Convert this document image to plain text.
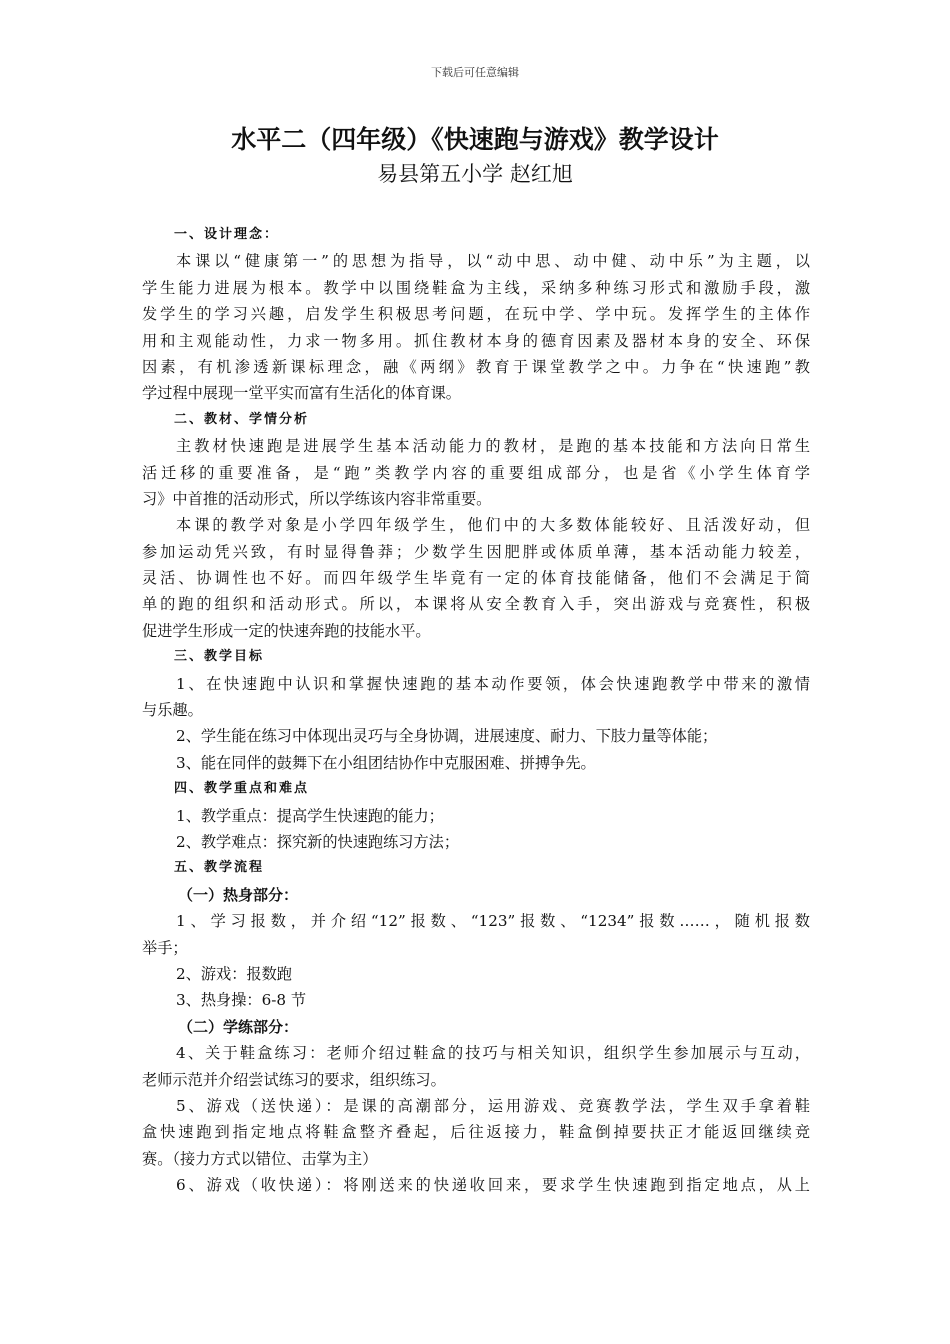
下载后可任意编辑
水平二（四年级）《快速跑与游戏》教学设计
易县第五小学 赵红旭
一、设计理念：
本课以“健康第一”的思想为指导，以“动中思、动中健、动中乐”为主题，以
学生能力进展为根本。教学中以围绕鞋盒为主线，采纳多种练习形式和激励手段，激
发学生的学习兴趣，启发学生积极思考问题，在玩中学、学中玩。发挥学生的主体作
用和主观能动性，力求一物多用。抓住教材本身的德育因素及器材本身的安全、环保
因素，有机渗透新课标理念，融《两纲》教育于课堂教学之中。力争在“快速跑”教
学过程中展现一堂平实而富有生活化的体育课。
二、教材、学情分析
主教材快速跑是进展学生基本活动能力的教材，是跑的基本技能和方法向日常生
活迁移的重要准备，是“跑”类教学内容的重要组成部分，也是省《小学生体育学
习》中首推的活动形式，所以学练该内容非常重要。
本课的教学对象是小学四年级学生，他们中的大多数体能较好、且活泼好动，但
参加运动凭兴致，有时显得鲁莽；少数学生因肥胖或体质单薄，基本活动能力较差，
灵活、协调性也不好。而四年级学生毕竟有一定的体育技能储备，他们不会满足于简
单的跑的组织和活动形式。所以，本课将从安全教育入手，突出游戏与竞赛性，积极
促进学生形成一定的快速奔跑的技能水平。
三、教学目标
1、在快速跑中认识和掌握快速跑的基本动作要领，体会快速跑教学中带来的激情
与乐趣。
2、学生能在练习中体现出灵巧与全身协调，进展速度、耐力、下肢力量等体能；
3、能在同伴的鼓舞下在小组团结协作中克服困难、拼搏争先。
四、教学重点和难点
1、教学重点：提高学生快速跑的能力；
2、教学难点：探究新的快速跑练习方法；
五、教学流程
（一）热身部分：
1、学习报数，并介绍“12”报数、“123”报数、“1234”报数……，随机报数
举手；
2、游戏：报数跑
3、热身操：6-8 节
（二）学练部分：
4、关于鞋盒练习：老师介绍过鞋盒的技巧与相关知识，组织学生参加展示与互动，
老师示范并介绍尝试练习的要求，组织练习。
5、游戏（送快递）：是课的高潮部分，运用游戏、竞赛教学法，学生双手拿着鞋
盒快速跑到指定地点将鞋盒整齐叠起，后往返接力，鞋盒倒掉要扶正才能返回继续竞
赛。（接力方式以错位、击掌为主）
6、游戏（收快递）：将刚送来的快递收回来，要求学生快速跑到指定地点，从上
